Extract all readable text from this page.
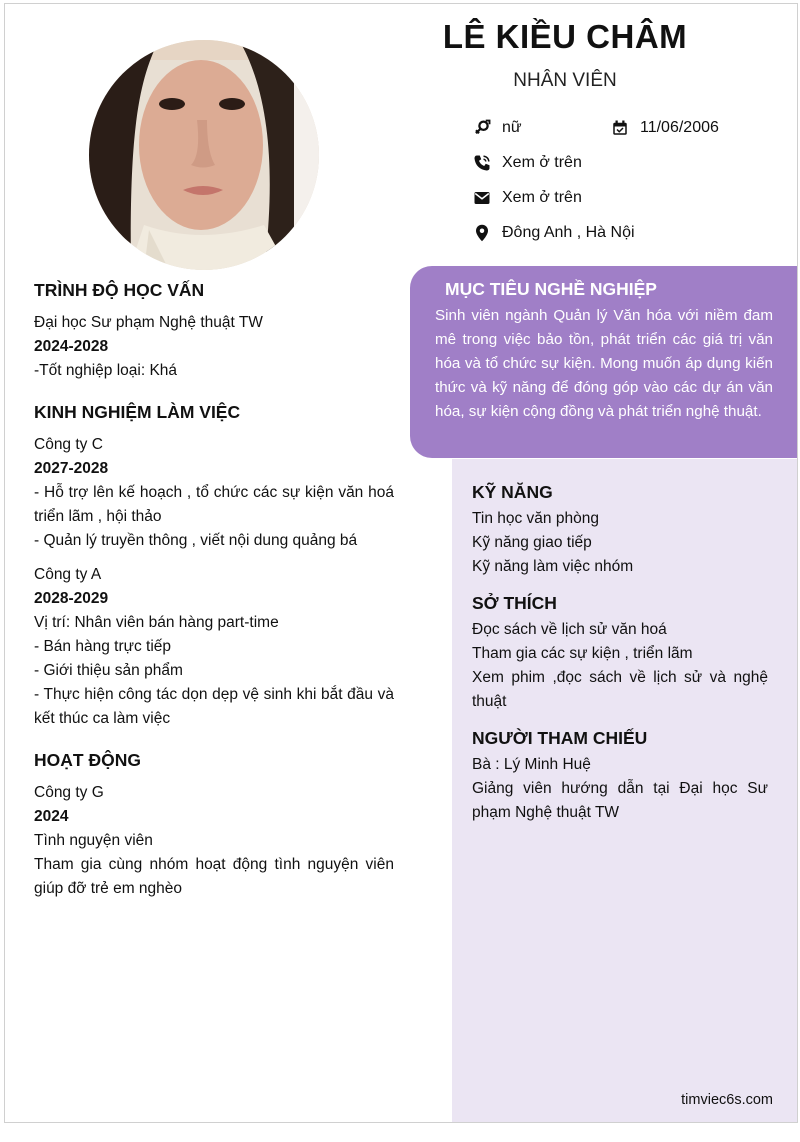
LÊ KIỀU CHÂM
NHÂN VIÊN
nữ	11/06/2006
Xem ở trên
Xem ở trên
Đông Anh , Hà Nội
MỤC TIÊU NGHỀ NGHIỆP
Sinh viên ngành Quản lý Văn hóa với niềm đam mê trong việc bảo tồn, phát triển các giá trị văn hóa và tổ chức sự kiện. Mong muốn áp dụng kiến thức và kỹ năng để đóng góp vào các dự án văn hóa, sự kiện cộng đồng và phát triển nghệ thuật.
TRÌNH ĐỘ HỌC VẤN
Đại học Sư phạm Nghệ thuật TW
2024-2028
-Tốt nghiệp loại: Khá
KINH NGHIỆM LÀM VIỆC
Công ty C
2027-2028
- Hỗ trợ lên kế hoạch , tổ chức các sự kiện văn hoá triển lãm , hội thảo
- Quản lý truyền thông , viết nội dung quảng bá
Công ty A
2028-2029
Vị trí: Nhân viên bán hàng part-time
- Bán hàng trực tiếp
- Giới thiệu sản phẩm
- Thực hiện công tác dọn dẹp vệ sinh khi bắt đầu và kết thúc ca làm việc
HOẠT ĐỘNG
Công ty G
2024
Tình nguyện viên
Tham gia cùng nhóm hoạt động tình nguyện viên giúp đỡ trẻ em nghèo
KỸ NĂNG
Tin học văn phòng
Kỹ năng giao tiếp
Kỹ năng làm việc nhóm
SỞ THÍCH
Đọc sách về lịch sử văn hoá
Tham gia các sự kiện , triển lãm
Xem phim ,đọc sách về lịch sử và nghệ thuật
NGƯỜI THAM CHIẾU
Bà : Lý Minh Huệ
Giảng viên hướng dẫn tại Đại học Sư phạm Nghệ thuật TW
timviec6s.com
